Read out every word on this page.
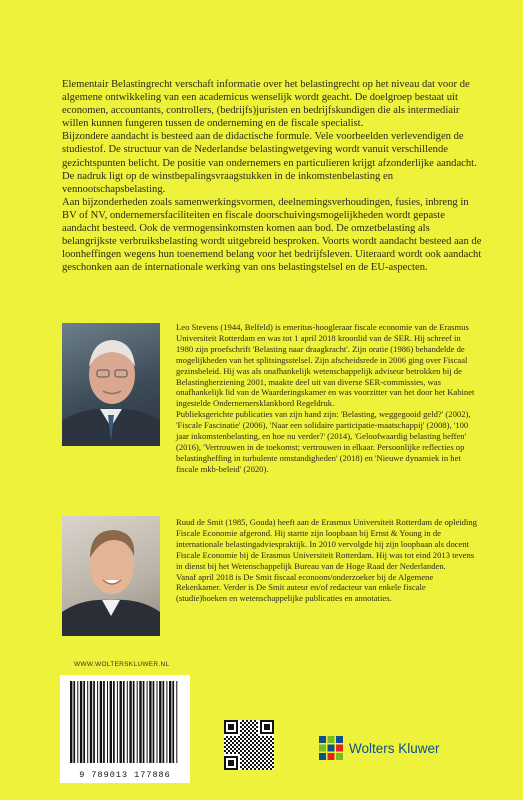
Elementair Belastingrecht verschaft informatie over het belastingrecht op het niveau dat voor de algemene ontwikkeling van een academicus wenselijk wordt geacht. De doelgroep bestaat uit economen, accountants, controllers, (bedrijfs)juristen en bedrijfskundigen die als intermediair willen kunnen fungeren tussen de onderneming en de fiscale specialist.

Bijzondere aandacht is besteed aan de didactische formule. Vele voorbeelden verlevendigen de studiestof. De structuur van de Nederlandse belastingwetgeving wordt vanuit verschillende gezichtspunten belicht. De positie van ondernemers en particulieren krijgt afzonderlijke aandacht. De nadruk ligt op de winstbepalingsvraagstukken in de inkomstenbelasting en vennootschapsbelasting.

Aan bijzonderheden zoals samenwerkingsvormen, deelnemingsverhoudingen, fusies, inbreng in BV of NV, ondernemersfaciliteiten en fiscale doorschuivingsmogelijkheden wordt gepaste aandacht besteed. Ook de vermogensinkomsten komen aan bod. De omzetbelasting als belangrijkste verbruiksbelasting wordt uitgebreid besproken. Voorts wordt aandacht besteed aan de loonheffingen wegens hun toenemend belang voor het bedrijfsleven. Uiteraard wordt ook aandacht geschonken aan de internationale werking van ons belastingstelsel en de EU-aspecten.

Leo Stevens (1944, Belfeld) is emeritus-hoogleraar fiscale economie van de Erasmus Universiteit Rotterdam en was tot 1 april 2018 kroonlid van de SER. Hij schreef in 1980 zijn proefschrift 'Belasting naar draagkracht'. Zijn oratie (1986) behandelde de mogelijkheden van het splitsingsstelsel. Zijn afscheidsrede in 2006 ging over Fiscaal gezinsbeleid. Hij was als onafhankelijk wetenschappelijk adviseur betrokken bij de Belastingherziening 2001, maakte deel uit van diverse SER-commissies, was onafhankelijk lid van de Waarderingskamer en was voorzitter van het door het Kabinet ingestelde Ondernemersklankbord Regeldruk.

Publieksgerichte publicaties van zijn hand zijn: 'Belasting, weggegooid geld?' (2002), 'Fiscale Fascinatie' (2006), 'Naar een solidaire participatie-maatschappij' (2008), '100 jaar inkomstenbelasting, en hoe nu verder?' (2014), 'Geloofwaardig belasting heffen' (2016), 'Vertrouwen in de toekomst; vertrouwen in elkaar. Persoonlijke reflecties op belastingheffing in turbulente omstandigheden' (2018) en 'Nieuwe dynamiek in het fiscale mkb-beleid' (2020).

Ruud de Smit (1985, Gouda) heeft aan de Erasmus Universiteit Rotterdam de opleiding Fiscale Economie afgerond. Hij startte zijn loopbaan bij Ernst & Young in de internationale belastingadviespraktijk. In 2010 vervolgde hij zijn loopbaan als docent Fiscale Economie bij de Erasmus Universiteit Rotterdam. Hij was tot eind 2013 tevens in dienst bij het Wetenschappelijk Bureau van de Hoge Raad der Nederlanden.

Vanaf april 2018 is De Smit fiscaal econoom/onderzoeker bij de Algemene Rekenkamer. Verder is De Smit auteur en/of redacteur van enkele fiscale (studie)boeken en wetenschappelijke publicaties en annotaties.

WWW.WOLTERSKLUWER.NL
9 789013 177886
Wolters Kluwer
